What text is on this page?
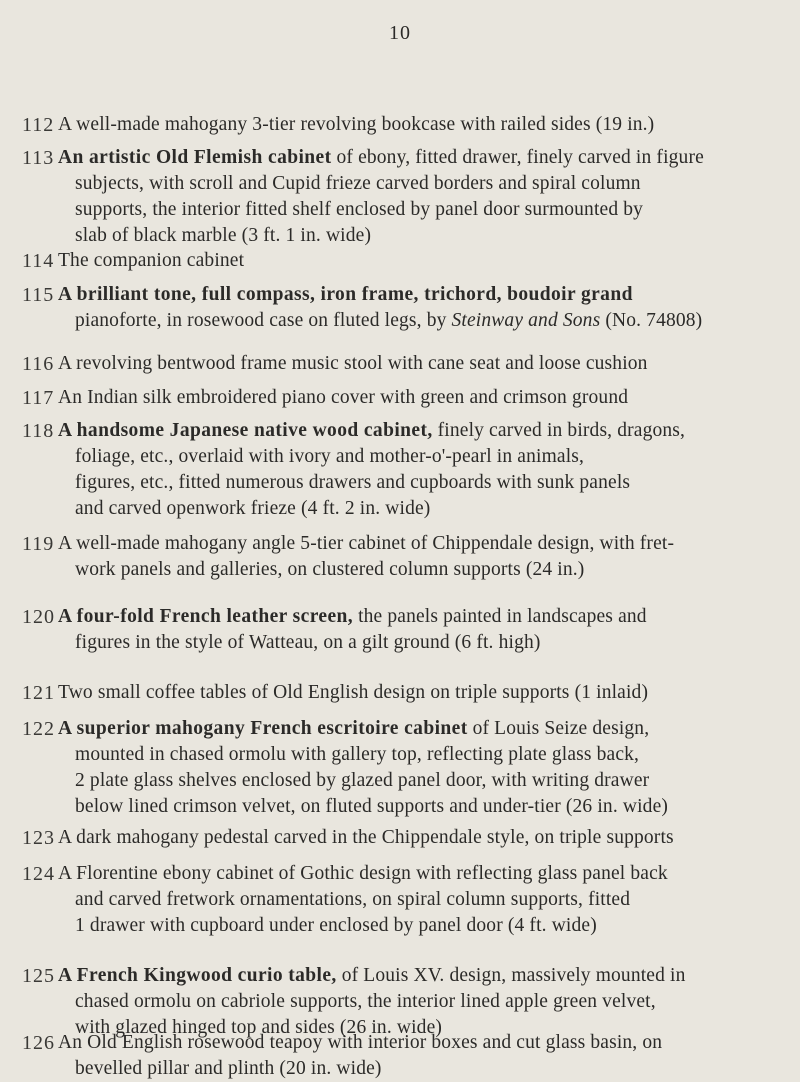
10
112 A well-made mahogany 3-tier revolving bookcase with railed sides (19 in.)
113 An artistic Old Flemish cabinet of ebony, fitted drawer, finely carved in figure
subjects, with scroll and Cupid frieze carved borders and spiral column
supports, the interior fitted shelf enclosed by panel door surmounted by
slab of black marble (3 ft. 1 in. wide)
114 The companion cabinet
115 A brilliant tone, full compass, iron frame, trichord, boudoir grand
pianoforte, in rosewood case on fluted legs, by Steinway and Sons (No. 74808)
116 A revolving bentwood frame music stool with cane seat and loose cushion
117 An Indian silk embroidered piano cover with green and crimson ground
118 A handsome Japanese native wood cabinet, finely carved in birds, dragons,
foliage, etc., overlaid with ivory and mother-o'-pearl in animals,
figures, etc., fitted numerous drawers and cupboards with sunk panels
and carved openwork frieze (4 ft. 2 in. wide)
119 A well-made mahogany angle 5-tier cabinet of Chippendale design, with fret-
work panels and galleries, on clustered column supports (24 in.)
120 A four-fold French leather screen, the panels painted in landscapes and
figures in the style of Watteau, on a gilt ground (6 ft. high)
121 Two small coffee tables of Old English design on triple supports (1 inlaid)
122 A superior mahogany French escritoire cabinet of Louis Seize design,
mounted in chased ormolu with gallery top, reflecting plate glass back,
2 plate glass shelves enclosed by glazed panel door, with writing drawer
below lined crimson velvet, on fluted supports and under-tier (26 in. wide)
123 A dark mahogany pedestal carved in the Chippendale style, on triple supports
124 A Florentine ebony cabinet of Gothic design with reflecting glass panel back
and carved fretwork ornamentations, on spiral column supports, fitted
1 drawer with cupboard under enclosed by panel door (4 ft. wide)
125 A French Kingwood curio table, of Louis XV. design, massively mounted in
chased ormolu on cabriole supports, the interior lined apple green velvet,
with glazed hinged top and sides (26 in. wide)
126 An Old English rosewood teapoy with interior boxes and cut glass basin, on
bevelled pillar and plinth (20 in. wide)
